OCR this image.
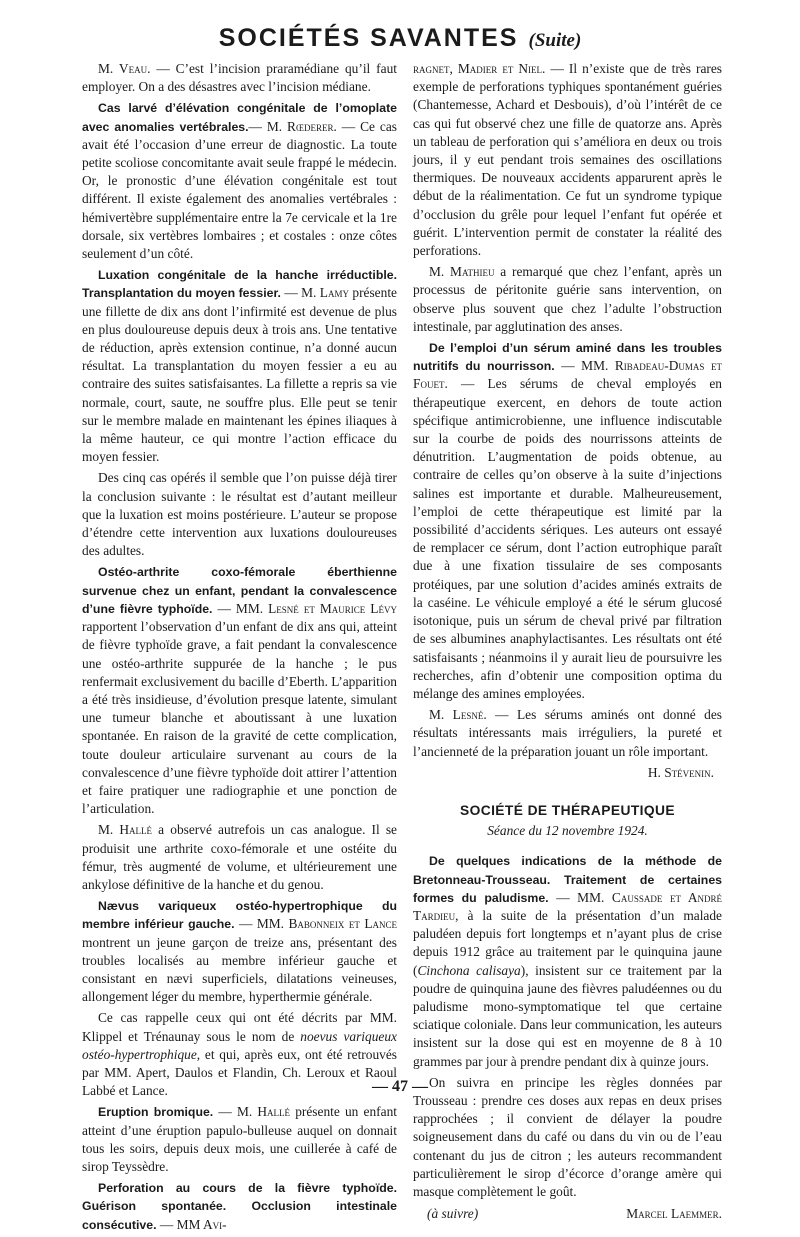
SOCIÉTÉS SAVANTES (Suite)

M. Veau. — C’est l’incision praramédiane qu’il faut employer. On a des désastres avec l’incision médiane.

Cas larvé d’élévation congénitale de l’omoplate avec anomalies vertébrales.— M. Rœderer. — Ce cas avait été l’occasion d’une erreur de diagnostic. La toute petite scoliose concomitante avait seule frappé le médecin. Or, le pronostic d’une élévation congénitale est tout différent. Il existe également des anomalies vertébrales : hémivertèbre supplémentaire entre la 7e cervicale et la 1re dorsale, six vertèbres lombaires ; et costales : onze côtes seulement d’un côté.

Luxation congénitale de la hanche irréductible. Transplantation du moyen fessier. — M. Lamy présente une fillette de dix ans dont l’infirmité est devenue de plus en plus douloureuse depuis deux à trois ans. Une tentative de réduction, après extension continue, n’a donné aucun résultat. La transplantation du moyen fessier a eu au contraire des suites satisfaisantes. La fillette a repris sa vie normale, court, saute, ne souffre plus. Elle peut se tenir sur le membre malade en maintenant les épines iliaques à la même hauteur, ce qui montre l’action efficace du moyen fessier.

Des cinq cas opérés il semble que l’on puisse déjà tirer la conclusion suivante : le résultat est d’autant meilleur que la luxation est moins postérieure. L’auteur se propose d’étendre cette intervention aux luxations douloureuses des adultes.

Ostéo-arthrite coxo-fémorale éberthienne survenue chez un enfant, pendant la convalescence d’une fièvre typhoïde. — MM. Lesné et Maurice Lévy rapportent l’observation d’un enfant de dix ans qui, atteint de fièvre typhoïde grave, a fait pendant la convalescence une ostéo-arthrite suppurée de la hanche ; le pus renfermait exclusivement du bacille d’Eberth. L’apparition a été très insidieuse, d’évolution presque latente, simulant une tumeur blanche et aboutissant à une luxation spontanée. En raison de la gravité de cette complication, toute douleur articulaire survenant au cours de la convalescence d’une fièvre typhoïde doit attirer l’attention et faire pratiquer une radiographie et une ponction de l’articulation.

M. Hallé a observé autrefois un cas analogue. Il se produisit une arthrite coxo-fémorale et une ostéite du fémur, très augmenté de volume, et ultérieurement une ankylose définitive de la hanche et du genou.

Nævus variqueux ostéo-hypertrophique du membre inférieur gauche. — MM. Babonneix et Lance montrent un jeune garçon de treize ans, présentant des troubles localisés au membre inférieur gauche et consistant en nævi superficiels, dilatations veineuses, allongement léger du membre, hyperthermie générale.

Ce cas rappelle ceux qui ont été décrits par MM. Klippel et Trénaunay sous le nom de noevus variqueux ostéo-hypertrophique, et qui, après eux, ont été retrouvés par MM. Apert, Daulos et Flandin, Ch. Leroux et Raoul Labbé et Lance.

Eruption bromique. — M. Hallé présente un enfant atteint d’une éruption papulo-bulleuse auquel on donnait tous les soirs, depuis deux mois, une cuillerée à café de sirop Teyssèdre.

Perforation au cours de la fièvre typhoïde. Guérison spontanée. Occlusion intestinale consécutive. — MM Avi-

ragnet, Madier et Niel. — Il n’existe que de très rares exemple de perforations typhiques spontanément guéries (Chantemesse, Achard et Desbouis), d’où l’intérêt de ce cas qui fut observé chez une fille de quatorze ans. Après un tableau de perforation qui s’améliora en deux ou trois jours, il y eut pendant trois semaines des oscillations thermiques. De nouveaux accidents apparurent après le début de la réalimentation. Ce fut un syndrome typique d’occlusion du grêle pour lequel l’enfant fut opérée et guérit. L’intervention permit de constater la réalité des perforations.

M. Mathieu a remarqué que chez l’enfant, après un processus de péritonite guérie sans intervention, on observe plus souvent que chez l’adulte l’obstruction intestinale, par agglutination des anses.

De l’emploi d’un sérum aminé dans les troubles nutritifs du nourrisson. — MM. Ribadeau-Dumas et Fouet. — Les sérums de cheval employés en thérapeutique exercent, en dehors de toute action spécifique antimicrobienne, une influence indiscutable sur la courbe de poids des nourrissons atteints de dénutrition. L’augmentation de poids obtenue, au contraire de celles qu’on observe à la suite d’injections salines est importante et durable. Malheureusement, l’emploi de cette thérapeutique est limité par la possibilité d’accidents sériques. Les auteurs ont essayé de remplacer ce sérum, dont l’action eutrophique paraît due à une fixation tissulaire de ses composants protéiques, par une solution d’acides aminés extraits de la caséine. Le véhicule employé a été le sérum glucosé isotonique, puis un sérum de cheval privé par filtration de ses albumines anaphylactisantes. Les résultats ont été satisfaisants ; néanmoins il y aurait lieu de poursuivre les recherches, afin d’obtenir une composition optima du mélange des amines employées.

M. Lesné. — Les sérums aminés ont donné des résultats intéressants mais irréguliers, la pureté et l’ancienneté de la préparation jouant un rôle important.

H. Stévenin.
SOCIÉTÉ DE THÉRAPEUTIQUE
Séance du 12 novembre 1924.

De quelques indications de la méthode de Bretonneau-Trousseau. Traitement de certaines formes du paludisme. — MM. Caussade et André Tardieu, à la suite de la présentation d’un malade paludéen depuis fort longtemps et n’ayant plus de crise depuis 1912 grâce au traitement par le quinquina jaune (Cinchona calisaya), insistent sur ce traitement par la poudre de quinquina jaune des fièvres paludéennes ou du paludisme mono-symptomatique tel que certaine sciatique coloniale. Dans leur communication, les auteurs insistent sur la dose qui est en moyenne de 8 à 10 grammes par jour à prendre pendant dix à quinze jours.

On suivra en principe les règles données par Trousseau : prendre ces doses aux repas en deux prises rapprochées ; il convient de délayer la poudre soigneusement dans du café ou dans du vin ou de l’eau contenant du jus de citron ; les auteurs recommandent particulièrement le sirop d’écorce d’orange amère qui masque complètement le goût.

(à suivre)	Marcel Laemmer.
— 47 —
